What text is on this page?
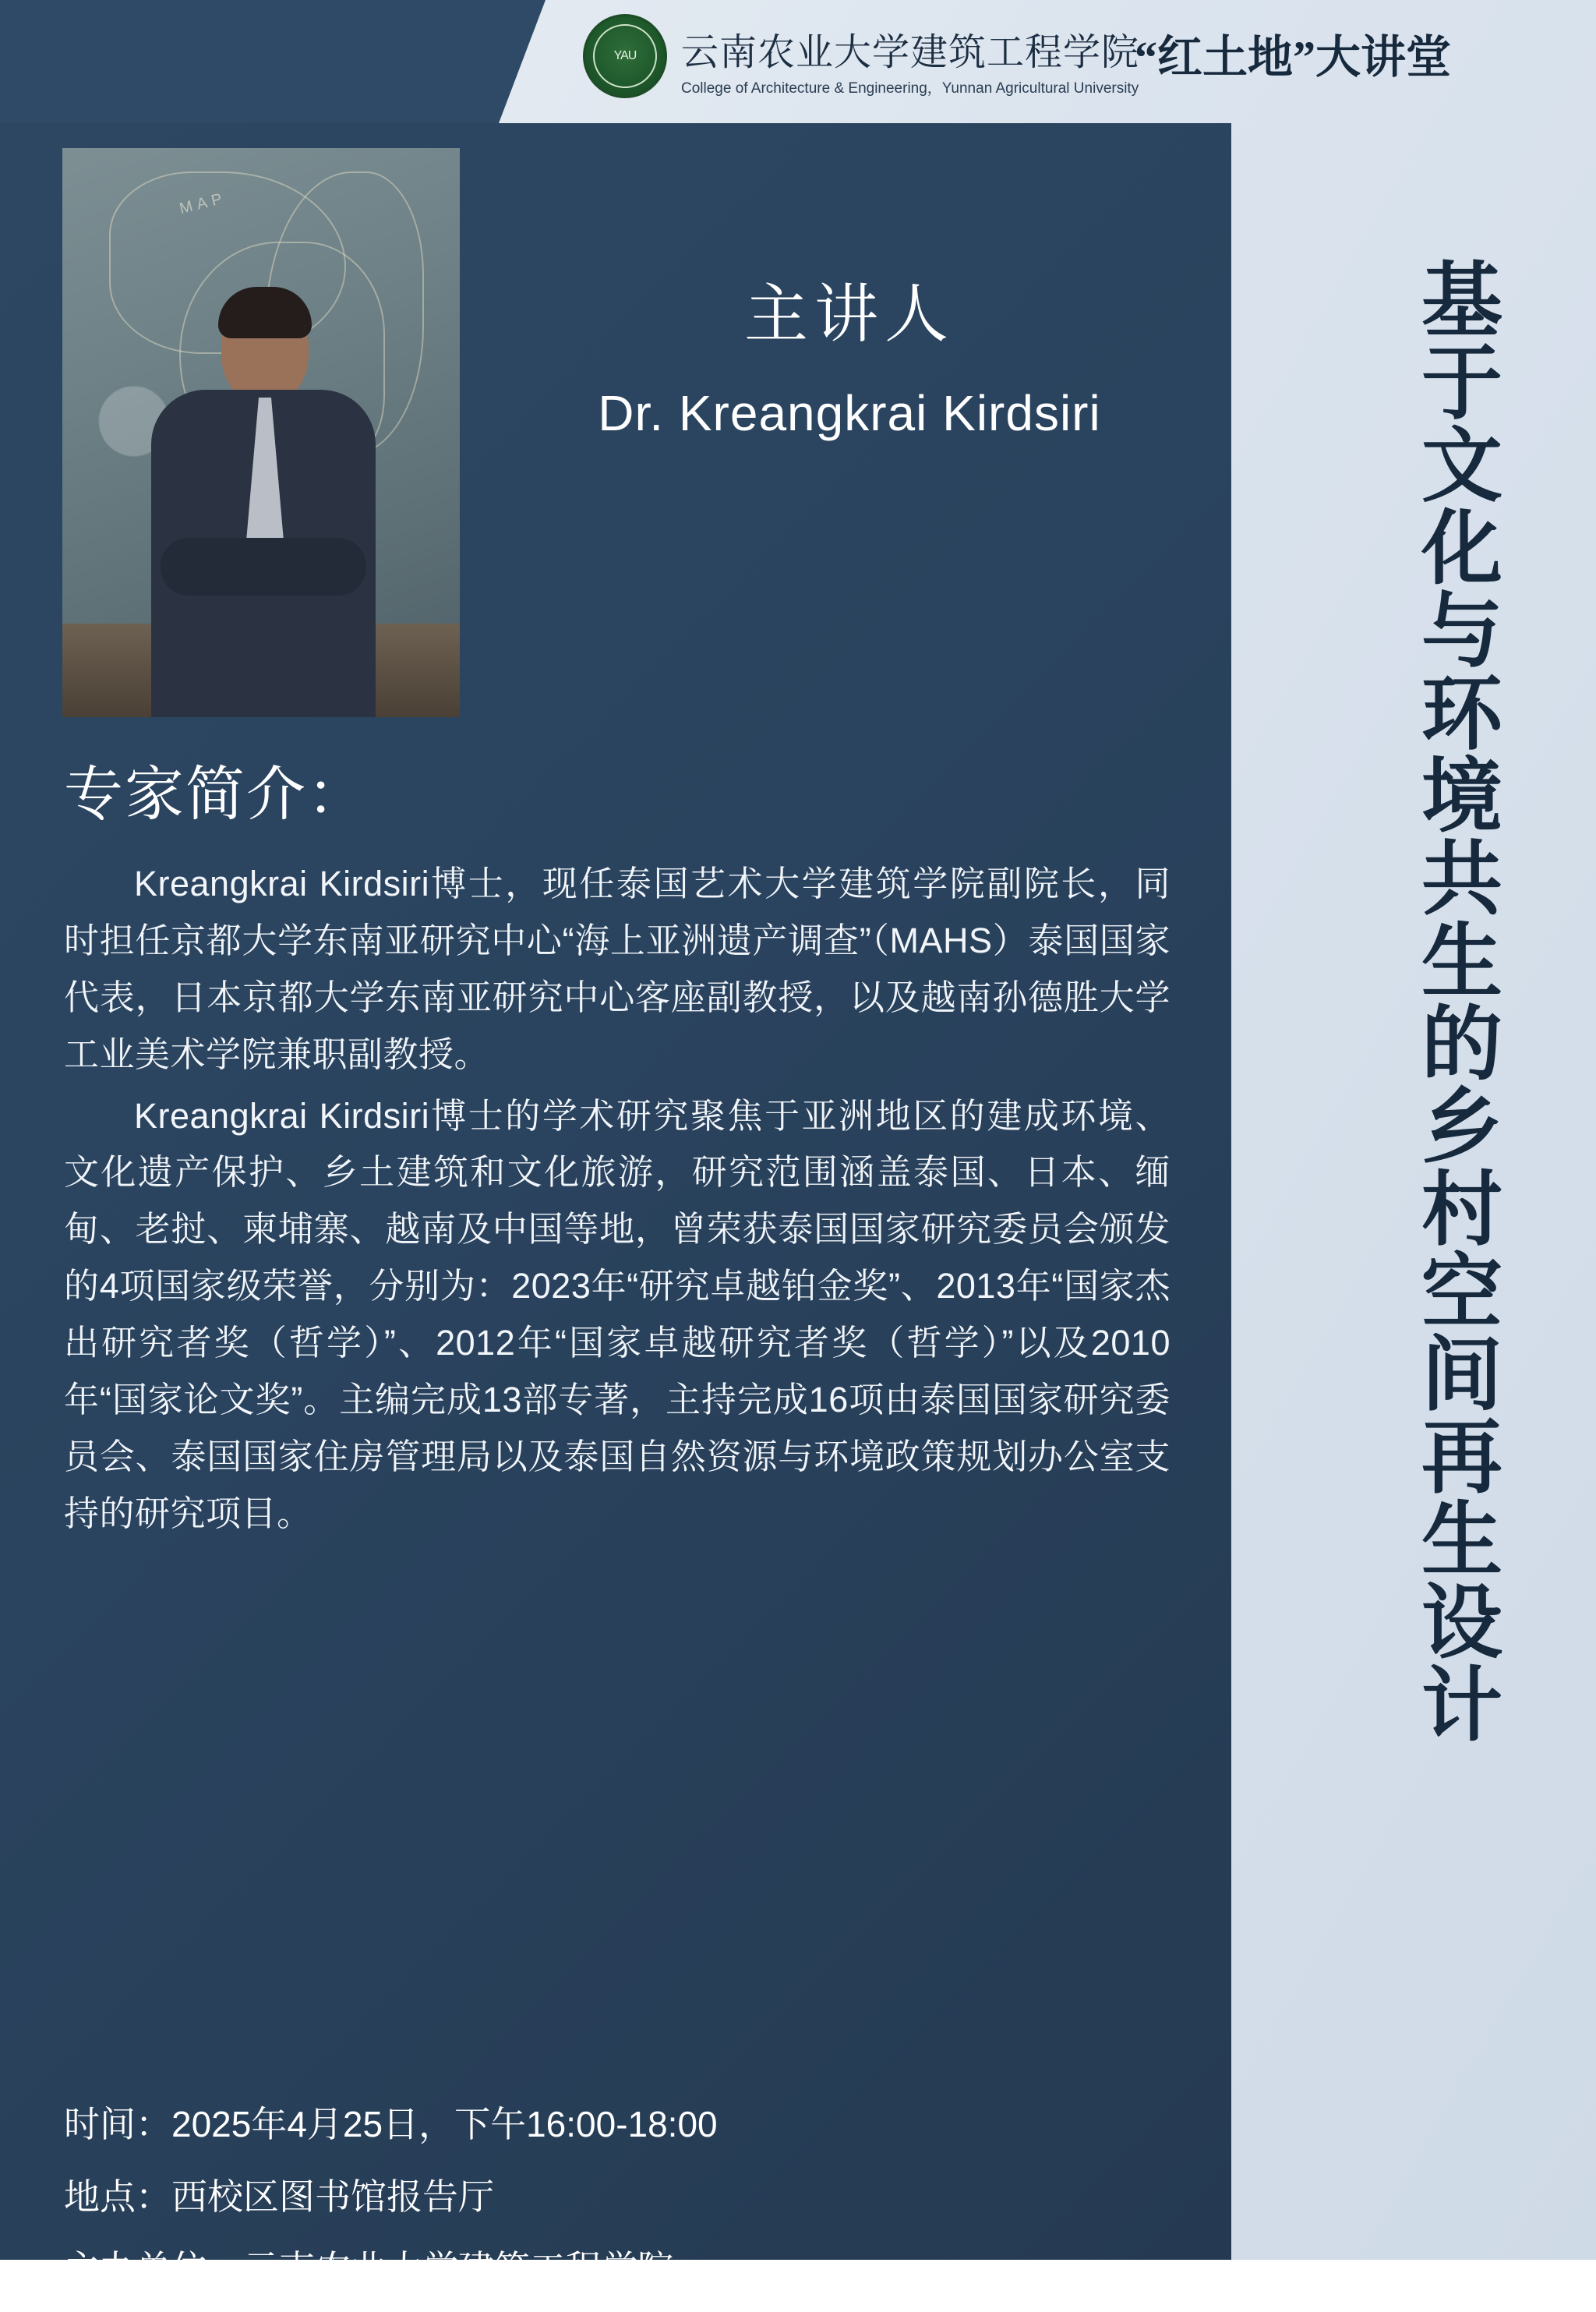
YAU	云南农业大学建筑工程学院
College of Architecture & Engineering，Yunnan Agricultural University
“红土地”大讲堂
MAP
主讲人
Dr. Kreangkrai Kirdsiri
专家简介：

Kreangkrai Kirdsiri博士，现任泰国艺术大学建筑学院副院长，同时担任京都大学东南亚研究中心“海上亚洲遗产调查”（MAHS）泰国国家代表，日本京都大学东南亚研究中心客座副教授，以及越南孙德胜大学工业美术学院兼职副教授。

Kreangkrai Kirdsiri博士的学术研究聚焦于亚洲地区的建成环境、文化遗产保护、乡土建筑和文化旅游，研究范围涵盖泰国、日本、缅甸、老挝、柬埔寨、越南及中国等地，曾荣获泰国国家研究委员会颁发的4项国家级荣誉，分别为：2023年“研究卓越铂金奖”、2013年“国家杰出研究者奖（哲学）”、2012年“国家卓越研究者奖（哲学）”以及2010年“国家论文奖”。主编完成13部专著，主持完成16项由泰国国家研究委员会、泰国国家住房管理局以及泰国自然资源与环境政策规划办公室支持的研究项目。

时间：2025年4月25日，下午16:00-18:00
地点：西校区图书馆报告厅
主办单位：云南农业大学建筑工程学院
基于文化与环境共生的乡村空间再生设计
